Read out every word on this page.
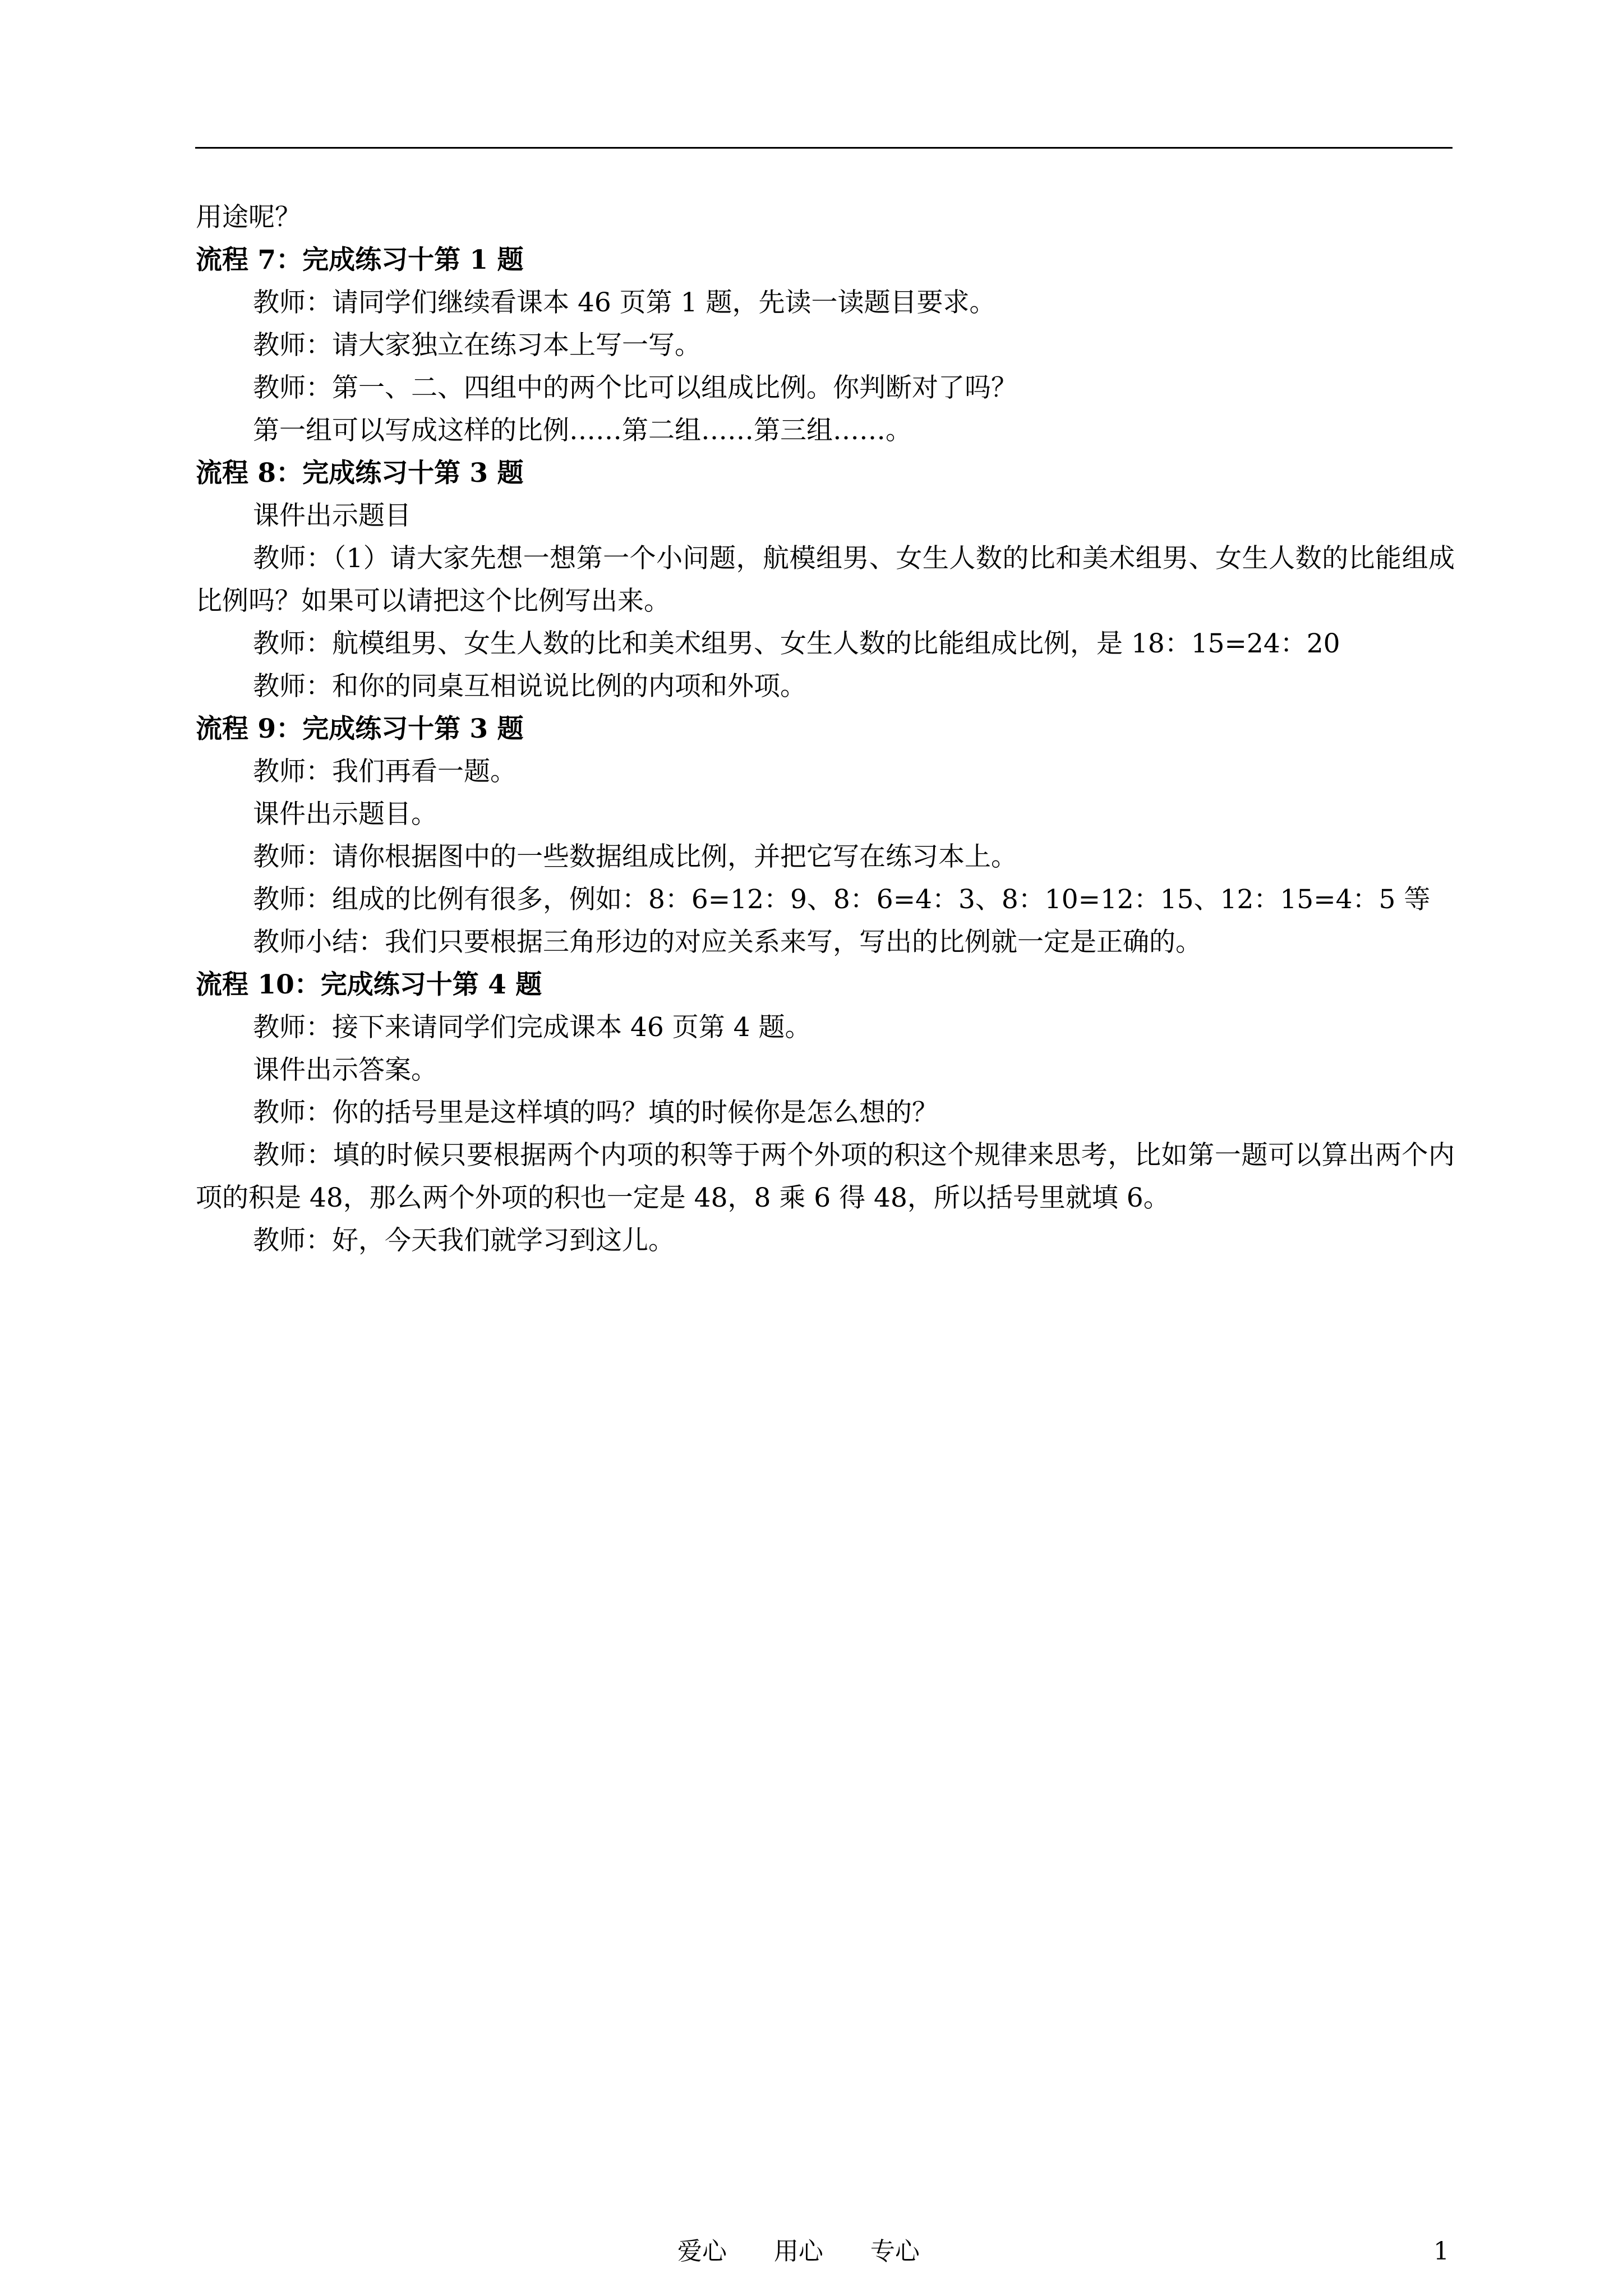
用途呢？

流程 7：完成练习十第 1 题

教师：请同学们继续看课本 46 页第 1 题，先读一读题目要求。

教师：请大家独立在练习本上写一写。

教师：第一、二、四组中的两个比可以组成比例。你判断对了吗？

第一组可以写成这样的比例……第二组……第三组……。

流程 8：完成练习十第 3 题

课件出示题目

教师：（1）请大家先想一想第一个小问题，航模组男、女生人数的比和美术组男、女生人数的比能组成比例吗？如果可以请把这个比例写出来。

教师：航模组男、女生人数的比和美术组男、女生人数的比能组成比例，是 18：15=24：20

教师：和你的同桌互相说说比例的内项和外项。

流程 9：完成练习十第 3 题

教师：我们再看一题。

课件出示题目。

教师：请你根据图中的一些数据组成比例，并把它写在练习本上。

教师：组成的比例有很多，例如：8：6=12：9、8：6=4：3、8：10=12：15、12：15=4：5 等

教师小结：我们只要根据三角形边的对应关系来写，写出的比例就一定是正确的。

流程 10：完成练习十第 4 题

教师：接下来请同学们完成课本 46 页第 4 题。

课件出示答案。

教师：你的括号里是这样填的吗？填的时候你是怎么想的？

教师：填的时候只要根据两个内项的积等于两个外项的积这个规律来思考，比如第一题可以算出两个内项的积是 48，那么两个外项的积也一定是 48，8 乘 6 得 48，所以括号里就填 6。

教师：好，今天我们就学习到这儿。

爱心      用心      专心	1
